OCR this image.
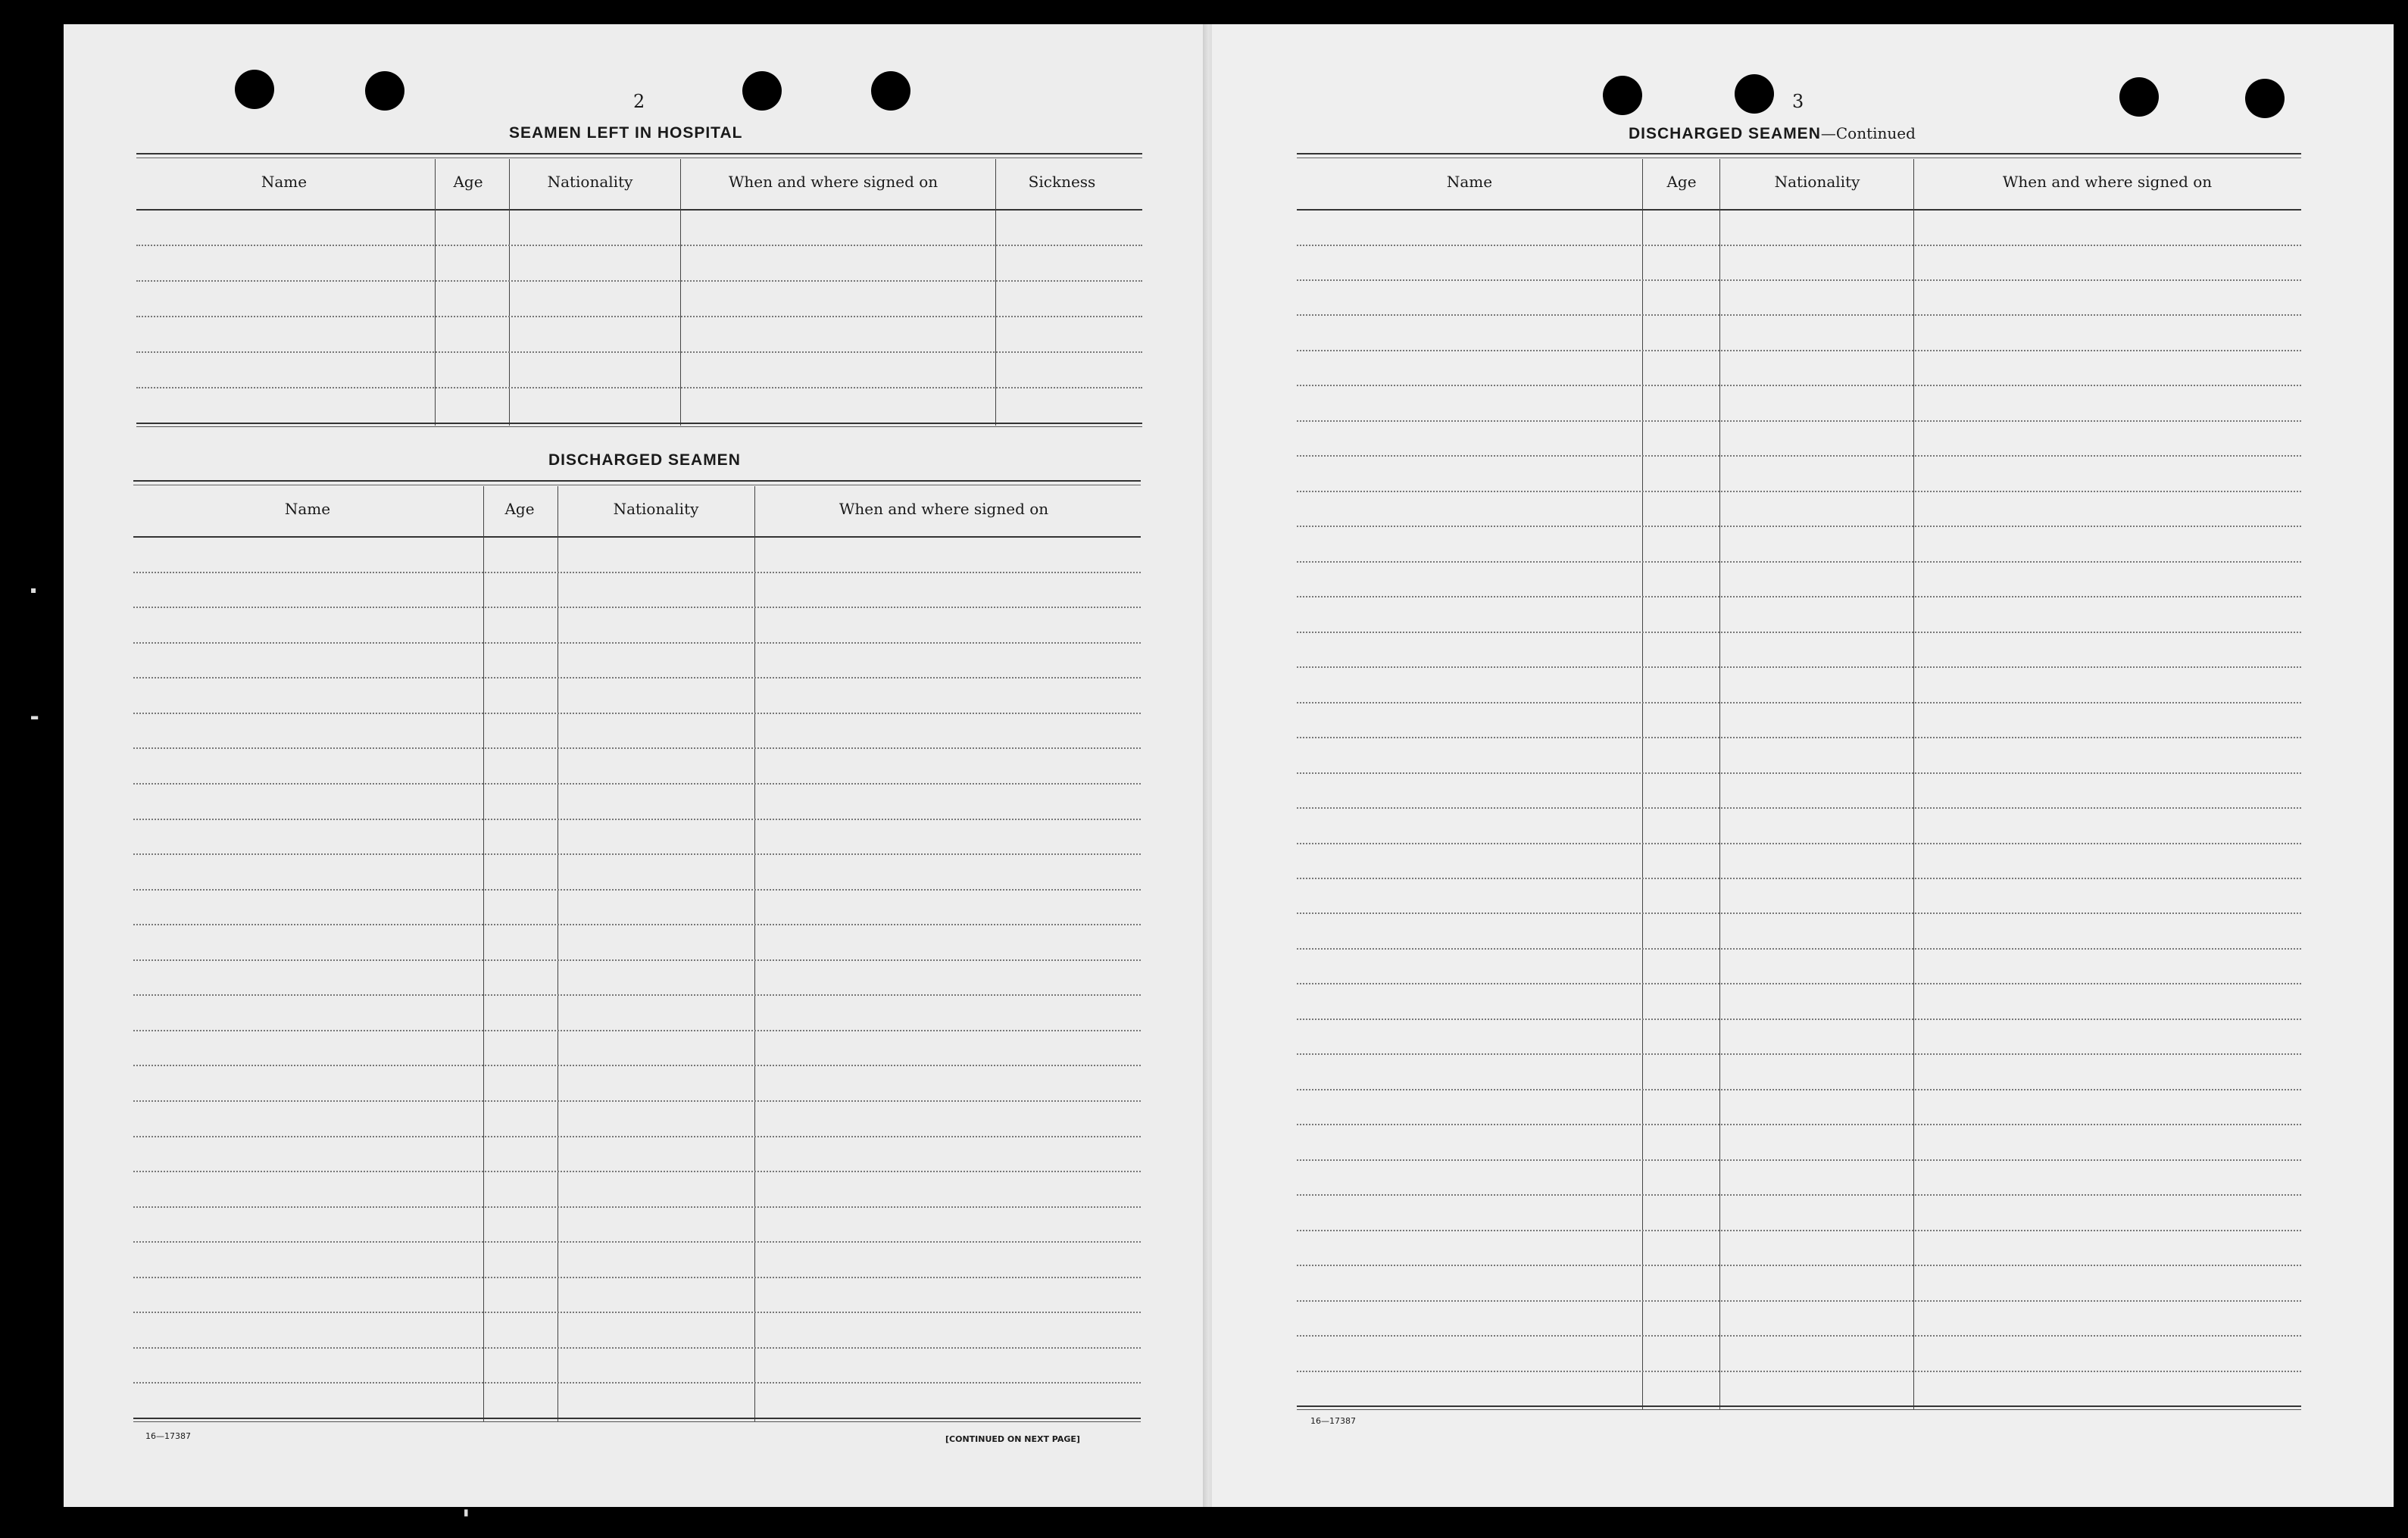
2	3
SEAMEN LEFT IN HOSPITAL
Name	Age	Nationality	When and where signed on	Sickness
DISCHARGED SEAMEN
Name	Age	Nationality	When and where signed on
16—17387	[CONTINUED ON NEXT PAGE]
DISCHARGED SEAMEN—Continued
Name	Age	Nationality	When and where signed on
16—17387
▪
▬
▮
